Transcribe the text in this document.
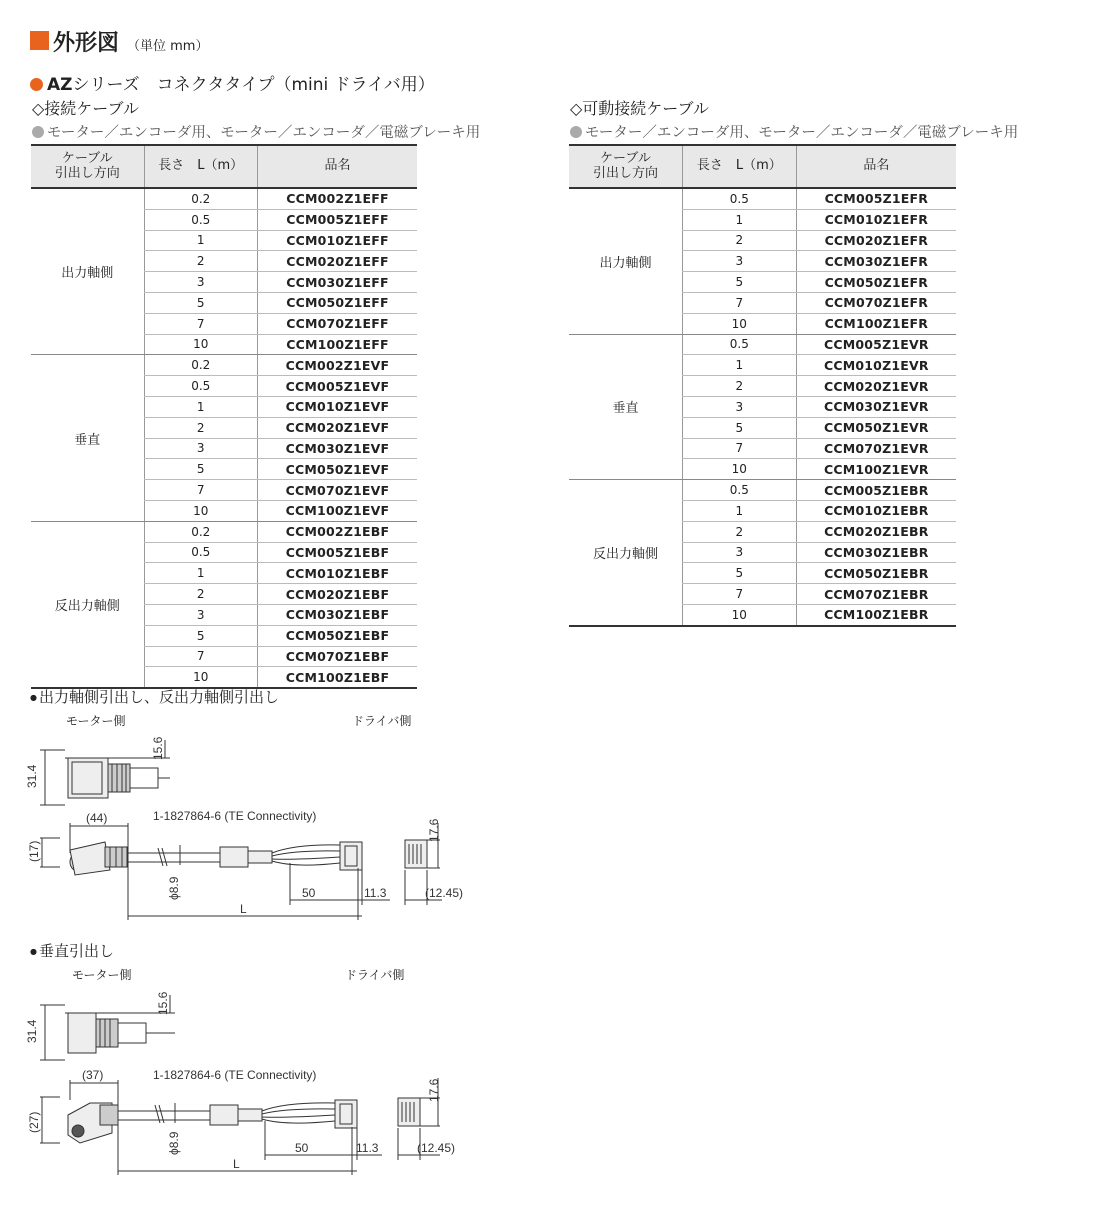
外形図 （単位 mm）
AZシリーズ　コネクタタイプ（mini ドライバ用）
◇接続ケーブル
モーター／エンコーダ用、モーター／エンコーダ／電磁ブレーキ用
ケーブル
引出し方向	長さ　L（m）	品名
出力軸側	0.2	CCM002Z1EFF
	0.5	CCM005Z1EFF
	1	CCM010Z1EFF
	2	CCM020Z1EFF
	3	CCM030Z1EFF
	5	CCM050Z1EFF
	7	CCM070Z1EFF
	10	CCM100Z1EFF
垂直	0.2	CCM002Z1EVF
	0.5	CCM005Z1EVF
	1	CCM010Z1EVF
	2	CCM020Z1EVF
	3	CCM030Z1EVF
	5	CCM050Z1EVF
	7	CCM070Z1EVF
	10	CCM100Z1EVF
反出力軸側	0.2	CCM002Z1EBF
	0.5	CCM005Z1EBF
	1	CCM010Z1EBF
	2	CCM020Z1EBF
	3	CCM030Z1EBF
	5	CCM050Z1EBF
	7	CCM070Z1EBF
	10	CCM100Z1EBF
◇可動接続ケーブル
モーター／エンコーダ用、モーター／エンコーダ／電磁ブレーキ用
ケーブル
引出し方向	長さ　L（m）	品名
出力軸側	0.5	CCM005Z1EFR
	1	CCM010Z1EFR
	2	CCM020Z1EFR
	3	CCM030Z1EFR
	5	CCM050Z1EFR
	7	CCM070Z1EFR
	10	CCM100Z1EFR
垂直	0.5	CCM005Z1EVR
	1	CCM010Z1EVR
	2	CCM020Z1EVR
	3	CCM030Z1EVR
	5	CCM050Z1EVR
	7	CCM070Z1EVR
	10	CCM100Z1EVR
反出力軸側	0.5	CCM005Z1EBR
	1	CCM010Z1EBR
	2	CCM020Z1EBR
	3	CCM030Z1EBR
	5	CCM050Z1EBR
	7	CCM070Z1EBR
	10	CCM100Z1EBR
● 出力軸側引出し、反出力軸側引出し
モーター側	ドライバ側
31.4
15.6
(44)
(17)
1-1827864-6 (TE Connectivity)
ϕ8.9	50	11.3
L
17.6
(12.45)
● 垂直引出し
モーター側	ドライバ側
31.4
15.6
(37)
(27)
1-1827864-6 (TE Connectivity)
ϕ8.9	50	11.3
L
17.6
(12.45)
